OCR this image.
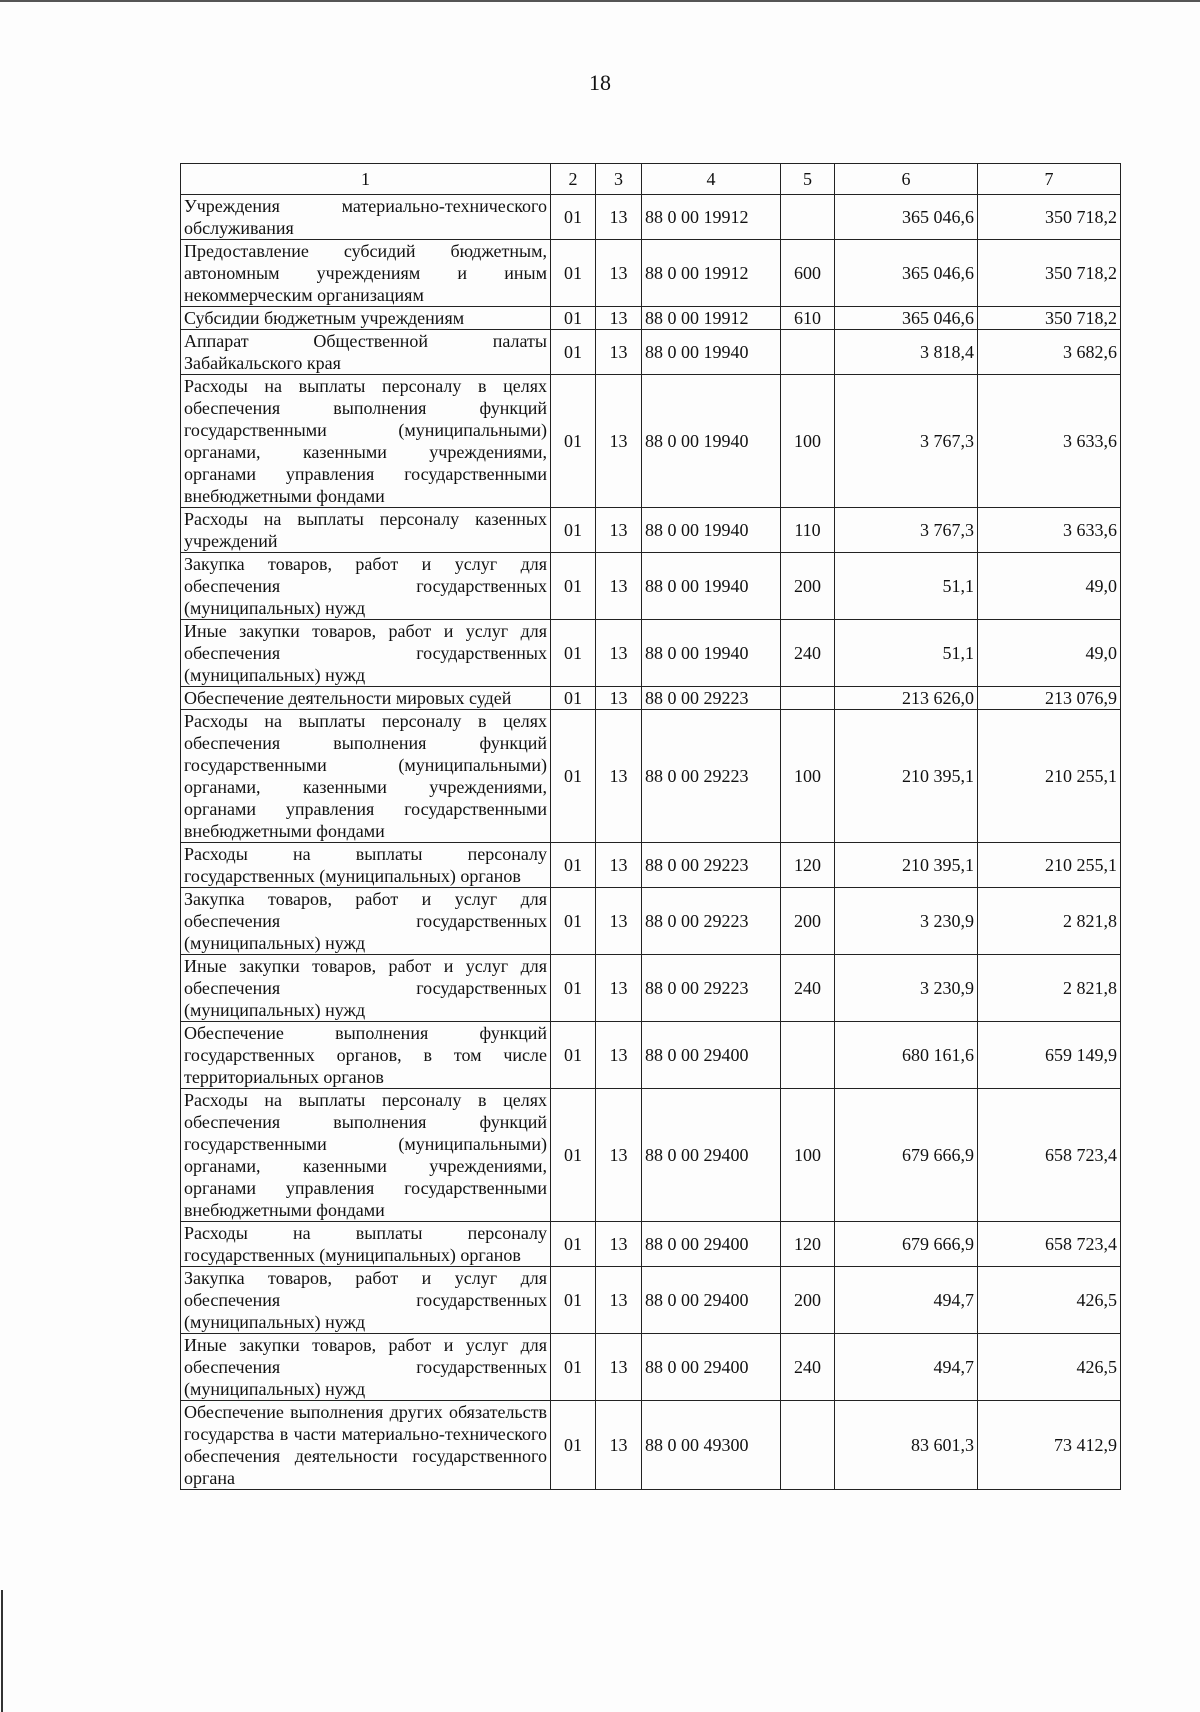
18
1	2	3	4	5	6	7
Учреждения материально-технического обслуживания	01	13	88 0 00 19912		365 046,6	350 718,2
Предоставление субсидий бюджетным, автономным учреждениям и иным некоммерческим организациям	01	13	88 0 00 19912	600	365 046,6	350 718,2
Субсидии бюджетным учреждениям	01	13	88 0 00 19912	610	365 046,6	350 718,2
Аппарат Общественной палаты Забайкальского края	01	13	88 0 00 19940		3 818,4	3 682,6
Расходы на выплаты персоналу в целях обеспечения выполнения функций государственными (муниципальными) органами, казенными учреждениями, органами управления государственными внебюджетными фондами	01	13	88 0 00 19940	100	3 767,3	3 633,6
Расходы на выплаты персоналу казенных учреждений	01	13	88 0 00 19940	110	3 767,3	3 633,6
Закупка товаров, работ и услуг для обеспечения государственных (муниципальных) нужд	01	13	88 0 00 19940	200	51,1	49,0
Иные закупки товаров, работ и услуг для обеспечения государственных (муниципальных) нужд	01	13	88 0 00 19940	240	51,1	49,0
Обеспечение деятельности мировых судей	01	13	88 0 00 29223		213 626,0	213 076,9
Расходы на выплаты персоналу в целях обеспечения выполнения функций государственными (муниципальными) органами, казенными учреждениями, органами управления государственными внебюджетными фондами	01	13	88 0 00 29223	100	210 395,1	210 255,1
Расходы на выплаты персоналу государственных (муниципальных) органов	01	13	88 0 00 29223	120	210 395,1	210 255,1
Закупка товаров, работ и услуг для обеспечения государственных (муниципальных) нужд	01	13	88 0 00 29223	200	3 230,9	2 821,8
Иные закупки товаров, работ и услуг для обеспечения государственных (муниципальных) нужд	01	13	88 0 00 29223	240	3 230,9	2 821,8
Обеспечение выполнения функций государственных органов, в том числе территориальных органов	01	13	88 0 00 29400		680 161,6	659 149,9
Расходы на выплаты персоналу в целях обеспечения выполнения функций государственными (муниципальными) органами, казенными учреждениями, органами управления государственными внебюджетными фондами	01	13	88 0 00 29400	100	679 666,9	658 723,4
Расходы на выплаты персоналу государственных (муниципальных) органов	01	13	88 0 00 29400	120	679 666,9	658 723,4
Закупка товаров, работ и услуг для обеспечения государственных (муниципальных) нужд	01	13	88 0 00 29400	200	494,7	426,5
Иные закупки товаров, работ и услуг для обеспечения государственных (муниципальных) нужд	01	13	88 0 00 29400	240	494,7	426,5
Обеспечение выполнения других обязательств государства в части материально-технического обеспечения деятельности государственного органа	01	13	88 0 00 49300		83 601,3	73 412,9
